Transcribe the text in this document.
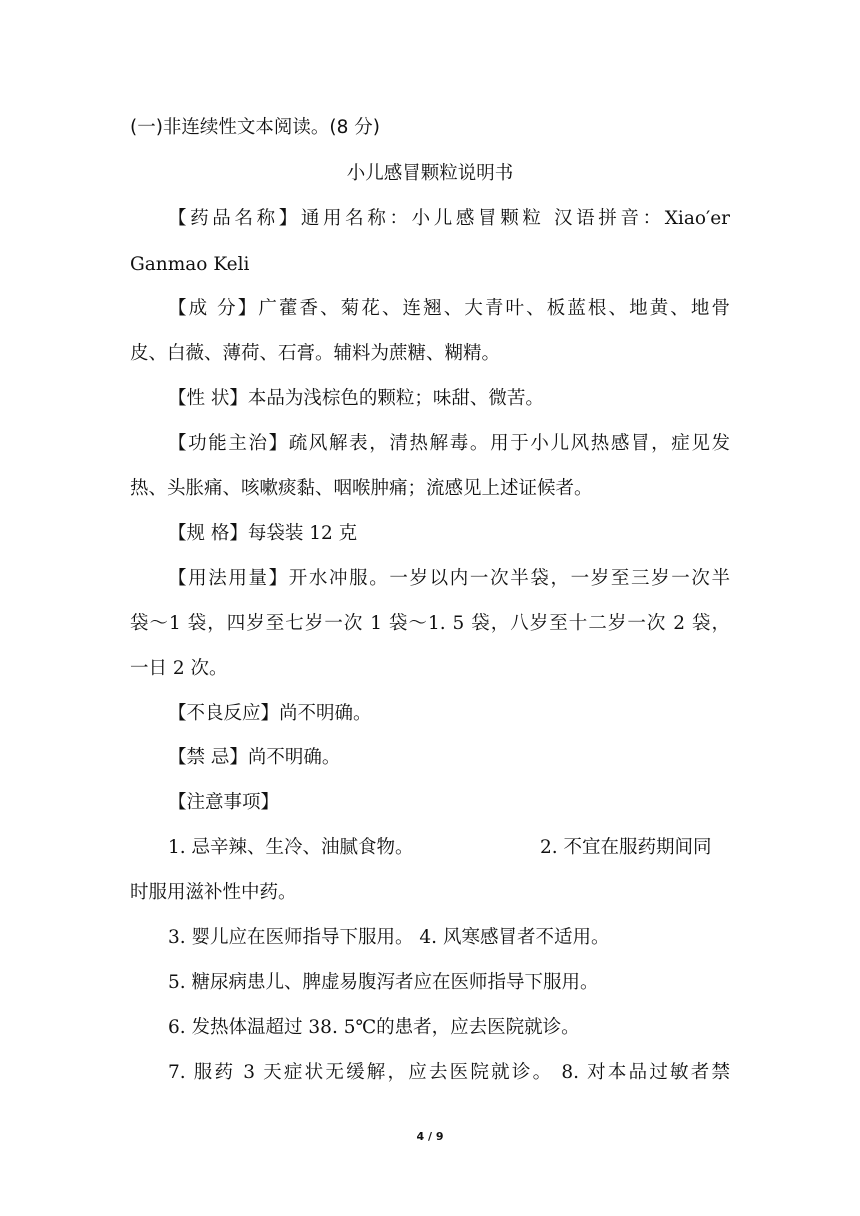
(一)非连续性文本阅读。(8 分)
小儿感冒颗粒说明书
【药品名称】通用名称：小儿感冒颗粒 汉语拼音：Xiao′er
Ganmao Keli
【成 分】广藿香、菊花、连翘、大青叶、板蓝根、地黄、地骨
皮、白薇、薄荷、石膏。辅料为蔗糖、糊精。
【性 状】本品为浅棕色的颗粒；味甜、微苦。
【功能主治】疏风解表，清热解毒。用于小儿风热感冒，症见发
热、头胀痛、咳嗽痰黏、咽喉肿痛；流感见上述证候者。
【规 格】每袋装 12 克
【用法用量】开水冲服。一岁以内一次半袋，一岁至三岁一次半
袋～1 袋，四岁至七岁一次 1 袋～1. 5 袋，八岁至十二岁一次 2 袋，
一日 2 次。
【不良反应】尚不明确。
【禁 忌】尚不明确。
【注意事项】
1. 忌辛辣、生冷、油腻食物。	2. 不宜在服药期间同
时服用滋补性中药。
3. 婴儿应在医师指导下服用。 4. 风寒感冒者不适用。
5. 糖尿病患儿、脾虚易腹泻者应在医师指导下服用。
6. 发热体温超过 38. 5℃的患者，应去医院就诊。
7. 服药 3 天症状无缓解，应去医院就诊。 8. 对本品过敏者禁
4 / 9
